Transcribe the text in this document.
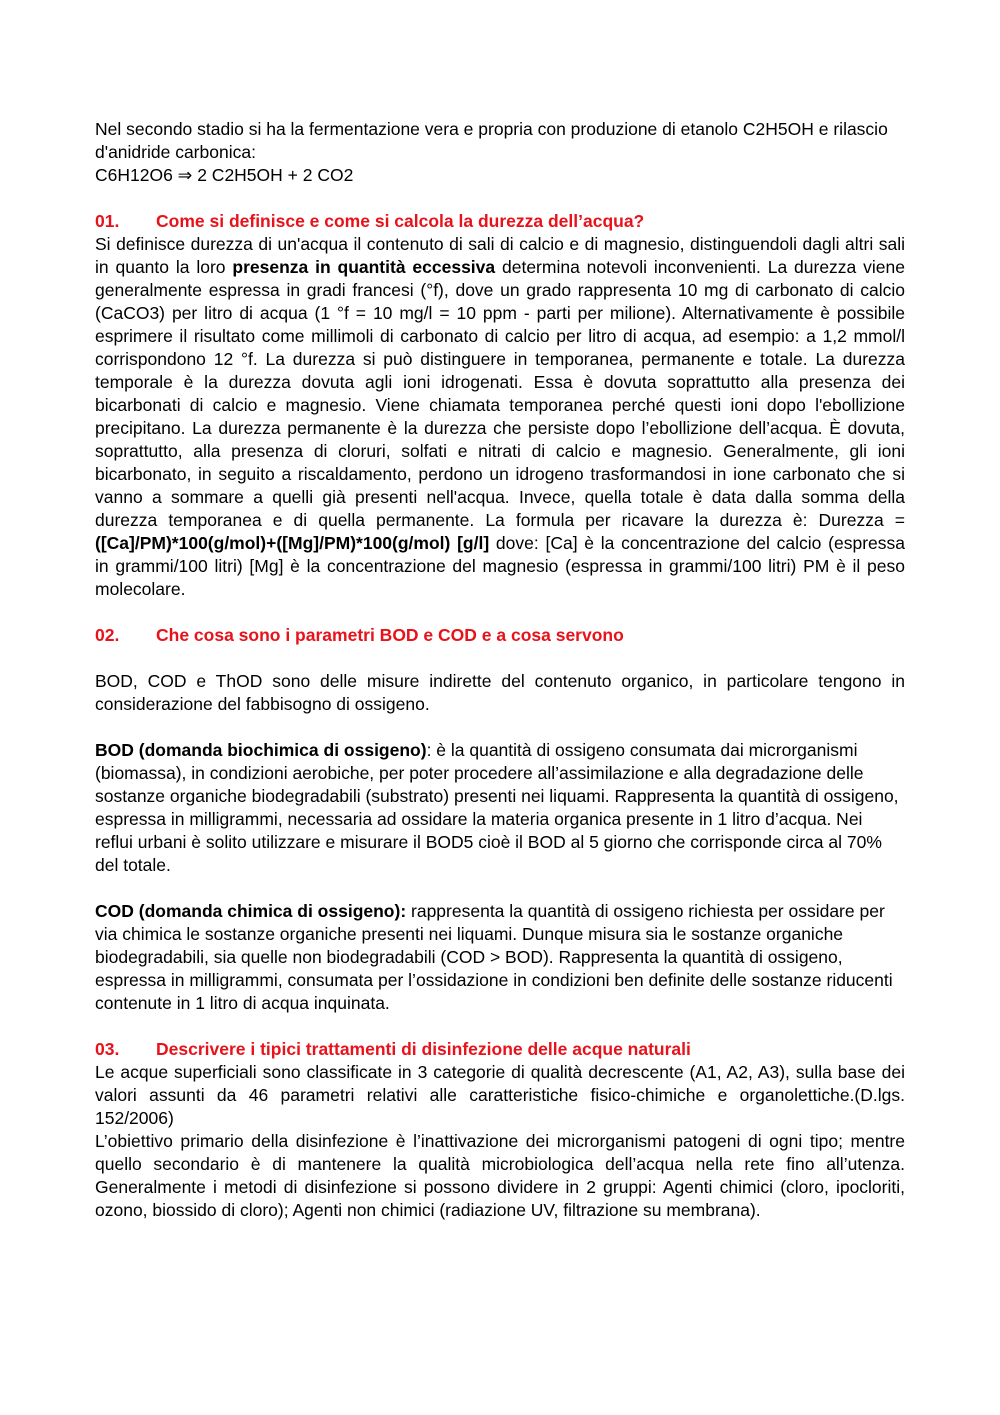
Nel secondo stadio si ha la fermentazione vera e propria con produzione di etanolo C2H5OH e rilascio d'anidride carbonica:
C6H12O6 ⇒ 2 C2H5OH + 2 CO2

01. Come si definisce e come si calcola la durezza dell’acqua?

Si definisce durezza di un'acqua il contenuto di sali di calcio e di magnesio, distinguendoli dagli altri sali in quanto la loro presenza in quantità eccessiva determina notevoli inconvenienti. La durezza viene generalmente espressa in gradi francesi (°f), dove un grado rappresenta 10 mg di carbonato di calcio (CaCO3) per litro di acqua (1 °f = 10 mg/l = 10 ppm - parti per milione). Alternativamente è possibile esprimere il risultato come millimoli di carbonato di calcio per litro di acqua, ad esempio: a 1,2 mmol/l corrispondono 12 °f. La durezza si può distinguere in temporanea, permanente e totale. La durezza temporale è la durezza dovuta agli ioni idrogenati. Essa è dovuta soprattutto alla presenza dei bicarbonati di calcio e magnesio. Viene chiamata temporanea perché questi ioni dopo l'ebollizione precipitano. La durezza permanente è la durezza che persiste dopo l’ebollizione dell’acqua. È dovuta, soprattutto, alla presenza di cloruri, solfati e nitrati di calcio e magnesio. Generalmente, gli ioni bicarbonato, in seguito a riscaldamento, perdono un idrogeno trasformandosi in ione carbonato che si vanno a sommare a quelli già presenti nell'acqua. Invece, quella totale è data dalla somma della durezza temporanea e di quella permanente. La formula per ricavare la durezza è: Durezza = ([Ca]/PM)*100(g/mol)+([Mg]/PM)*100(g/mol) [g/l] dove: [Ca] è la concentrazione del calcio (espressa in grammi/100 litri) [Mg] è la concentrazione del magnesio (espressa in grammi/100 litri) PM è il peso molecolare.

02. Che cosa sono i parametri BOD e COD e a cosa servono

BOD, COD e ThOD sono delle misure indirette del contenuto organico, in particolare tengono in considerazione del fabbisogno di ossigeno.

BOD (domanda biochimica di ossigeno): è la quantità di ossigeno consumata dai microrganismi (biomassa), in condizioni aerobiche, per poter procedere all’assimilazione e alla degradazione delle sostanze organiche biodegradabili (substrato) presenti nei liquami. Rappresenta la quantità di ossigeno, espressa in milligrammi, necessaria ad ossidare la materia organica presente in 1 litro d’acqua. Nei reflui urbani è solito utilizzare e misurare il BOD5 cioè il BOD al 5 giorno che corrisponde circa al 70% del totale.

COD (domanda chimica di ossigeno): rappresenta la quantità di ossigeno richiesta per ossidare per via chimica le sostanze organiche presenti nei liquami. Dunque misura sia le sostanze organiche biodegradabili, sia quelle non biodegradabili (COD > BOD). Rappresenta la quantità di ossigeno, espressa in milligrammi, consumata per l’ossidazione in condizioni ben definite delle sostanze riducenti contenute in 1 litro di acqua inquinata.

03. Descrivere i tipici trattamenti di disinfezione delle acque naturali

Le acque superficiali sono classificate in 3 categorie di qualità decrescente (A1, A2, A3), sulla base dei valori assunti da 46 parametri relativi alle caratteristiche fisico-chimiche e organolettiche.(D.lgs. 152/2006)

L’obiettivo primario della disinfezione è l’inattivazione dei microrganismi patogeni di ogni tipo; mentre quello secondario è di mantenere la qualità microbiologica dell’acqua nella rete fino all’utenza. Generalmente i metodi di disinfezione si possono dividere in 2 gruppi: Agenti chimici (cloro, ipocloriti, ozono, biossido di cloro); Agenti non chimici (radiazione UV, filtrazione su membrana).
